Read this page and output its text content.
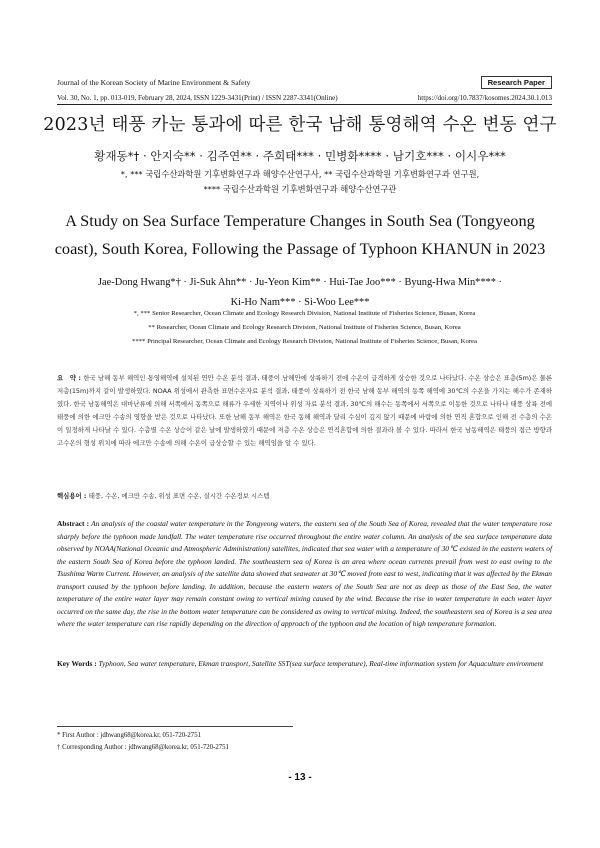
Journal of the Korean Society of Marine Environment & Safety	Research Paper
Vol. 30, No. 1, pp. 013-019, February 28, 2024, ISSN 1229-3431(Print) / ISSN 2287-3341(Online)	https://doi.org/10.7837/kosomes.2024.30.1.013
2023년 태풍 카눈 통과에 따른 한국 남해 통영해역 수온 변동 연구
황재동*† · 안지숙** · 김주연** · 주희태*** · 민병화**** · 남기호*** · 이시우***
*, *** 국립수산과학원 기후변화연구과 해양수산연구사, ** 국립수산과학원 기후변화연구과 연구원,
**** 국립수산과학원 기후변화연구과 해양수산연구관
A Study on Sea Surface Temperature Changes in South Sea (Tongyeong
coast), South Korea, Following the Passage of Typhoon KHANUN in 2023
Jae-Dong Hwang*† · Ji-Suk Ahn** · Ju-Yeon Kim** · Hui-Tae Joo*** · Byung-Hwa Min**** ·
Ki-Ho Nam*** · Si-Woo Lee***
*, *** Senior Researcher, Ocean Climate and Ecology Research Division, National Institute of Fisheries Science, Busan, Korea
** Researcher, Ocean Climate and Ecology Research Division, National Institute of Fisheries Science, Busan, Korea
**** Principal Researcher, Ocean Climate and Ecology Research Division, National Institute of Fisheries Science, Busan, Korea
요　약 : 한국 남해 동부 해역인 통영해역에 설치된 연안 수온 분석 결과, 태풍이 남해안에 상륙하기 전에 수온이 급격하게 상승한 것으로 나타났다. 수온 상승은 표층(5m)은 물론 저층(15m)까지 같이 발생하였다. NOAA 위성에서 관측한 표면수온자료 분석 결과, 태풍이 상륙하기 전 한국 남해 동부 해역의 동쪽 해역에 30℃의 수온을 가지는 해수가 존재하였다. 한국 남동해역은 대마난류에 의해 서쪽에서 동쪽으로 해류가 우세한 지역이나 위성 자료 분석 결과, 30℃의 해수는 동쪽에서 서쪽으로 이동한 것으로 나타나 태풍 상륙 전에 태풍에 의한 에크만 수송의 영향을 받은 것으로 나타났다. 또한 남해 동부 해역은 한국 동해 해역과 달리 수심이 깊지 않기 때문에 바람에 의한 연직 혼합으로 인해 전 수층의 수온이 일정하게 나타날 수 있다. 수층별 수온 상승이 같은 날에 발생하였기 때문에 저층 수온 상승은 연직혼합에 의한 결과라 볼 수 있다. 따라서 한국 남동해역은 태풍의 접근 방향과 고수온의 형성 위치에 따라 에크만 수송에 의해 수온이 급상승할 수 있는 해역임을 알 수 있다.
핵심용어 : 태풍, 수온, 에크만 수송, 위성 표면 수온, 실시간 수온정보 시스템
Abstract : An analysis of the coastal water temperature in the Tongyeong waters, the eastern sea of the South Sea of Korea, revealed that the water temperature rose sharply before the typhoon made landfall. The water temperature rise occurred throughout the entire water column. An analysis of the sea surface temperature data observed by NOAA(National Oceanic and Atmospheric Administration) satellites, indicated that sea water with a temperature of 30℃ existed in the eastern waters of the eastern South Sea of Korea before the typhoon landed. The southeastern sea of Korea is an area where ocean currents prevail from west to east owing to the Tsushima Warm Current. However, an analysis of the satellite data showed that seawater at 30℃ moved from east to west, indicating that it was affected by the Ekman transport caused by the typhoon before landing. In addition, because the eastern waters of the South Sea are not as deep as those of the East Sea, the water temperature of the entire water layer may remain constant owing to vertical mixing caused by the wind. Because the rise in water temperature in each water layer occurred on the same day, the rise in the bottom water temperature can be considered as owing to vertical mixing. Indeed, the southeastern sea of Korea is a sea area where the water temperature can rise rapidly depending on the direction of approach of the typhoon and the location of high temperature formation.
Key Words : Typhoon, Sea water temperature, Ekman transport, Satellite SST(sea surface temperature), Real-time information system for Aquaculture environment
* First Author : jdhwang68@korea.kr, 051-720-2751
† Corresponding Author : jdhwang68@korea.kr, 051-720-2751
- 13 -
